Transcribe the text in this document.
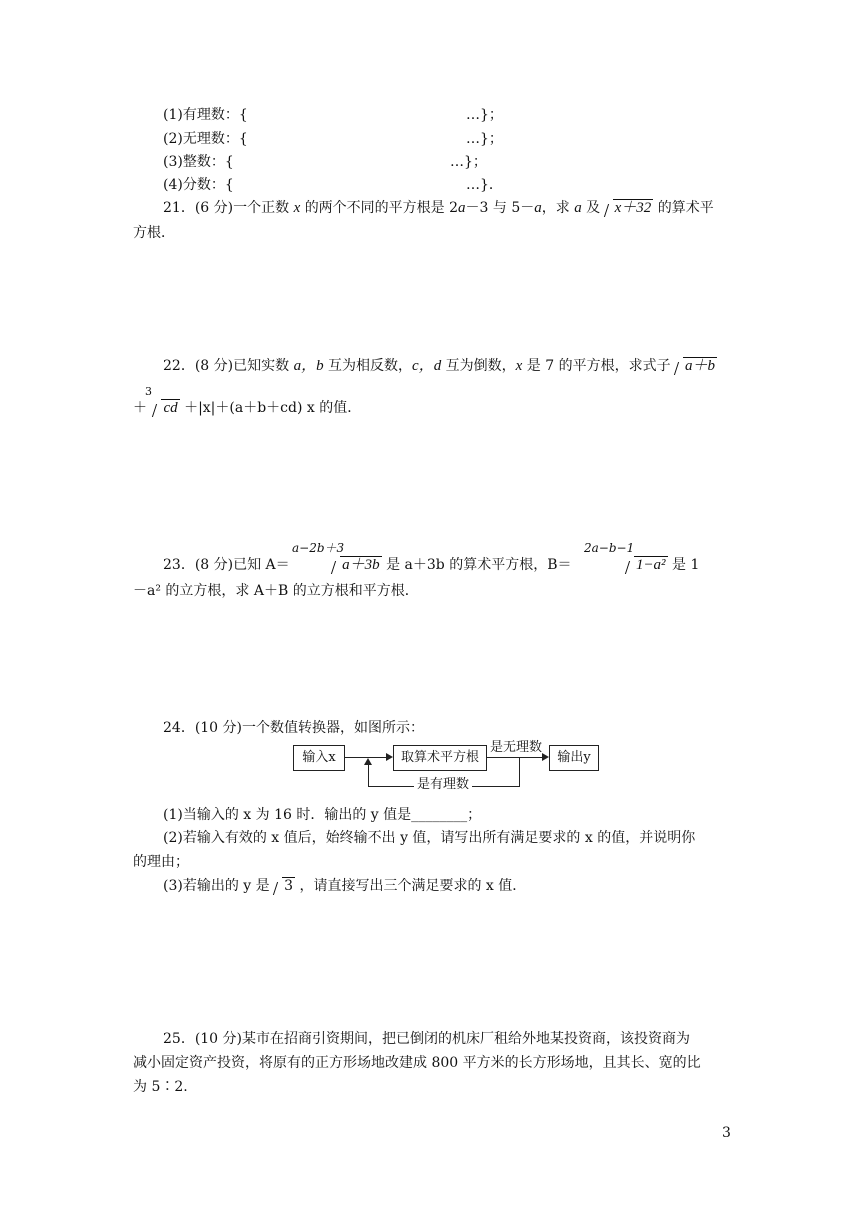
(1)有理数：{	…}；
(2)无理数：{	…}；
(3)整数：{	…}；
(4)分数：{	…}．
21．(6 分)一个正数 x 的两个不同的平方根是 2a－3 与 5－a，求 a 及 x＋32 的算术平
方根．
22．(8 分)已知实数 a，b 互为相反数，c，d 互为倒数，x 是 7 的平方根，求式子 a＋b
3
＋ cd ＋|x|＋(a＋b＋cd) x 的值．
a−2b＋3	2a−b−1
23．(8 分)已知 A＝	a＋3b 是 a＋3b 的算术平方根，B＝	1−a² 是 1
－a² 的立方根，求 A＋B 的立方根和平方根．
24．(10 分)一个数值转换器，如图所示：
输入x	取算术平方根	输出y
是无理数
是有理数
(1)当输入的 x 为 16 时．输出的 y 值是________；
(2)若输入有效的 x 值后，始终输不出 y 值，请写出所有满足要求的 x 的值，并说明你
的理由；
(3)若输出的 y 是 3 ，请直接写出三个满足要求的 x 值．
25．(10 分)某市在招商引资期间，把已倒闭的机床厂租给外地某投资商，该投资商为
减小固定资产投资，将原有的正方形场地改建成 800 平方米的长方形场地，且其长、宽的比
为 5∶2.
3
